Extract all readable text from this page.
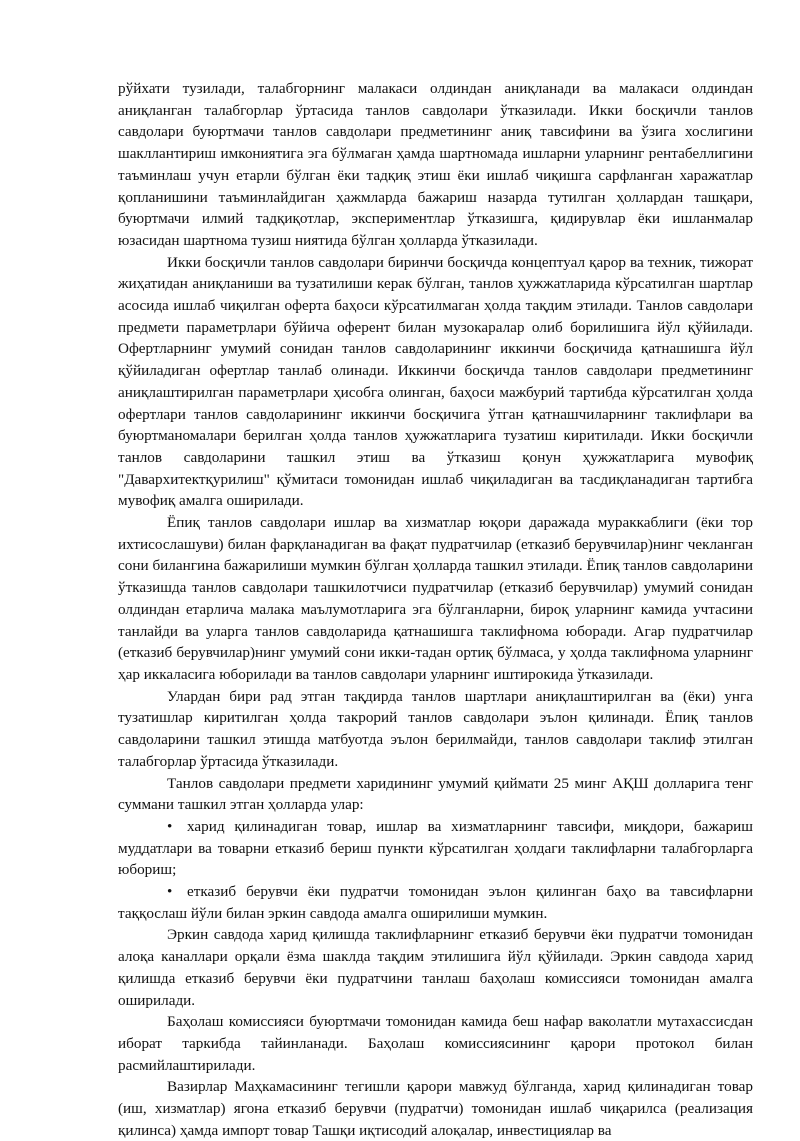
рўйхати тузилади, талабгорнинг малакаси олдиндан аниқланади ва малакаси олдиндан аниқланган талабгорлар ўртасида танлов савдолари ўтказилади. Икки босқичли танлов савдолари буюртмачи танлов савдолари предметининг аниқ тавсифини ва ўзига хослигини шакллантириш имкониятига эга бўлмаган ҳамда шартномада ишларни уларнинг рентабеллигини таъминлаш учун етарли бўлган ёки тадқиқ этиш ёки ишлаб чиқишга сарфланган харажатлар қопланишини таъминлайдиган ҳажмларда бажариш назарда тутилган ҳоллардан ташқари, буюртмачи илмий тадқиқотлар, экспериментлар ўтказишга, қидирувлар ёки ишланмалар юзасидан шартнома тузиш ниятида бўлган ҳолларда ўтказилади.

Икки босқичли танлов савдолари биринчи босқичда концептуал қарор ва техник, тижорат жиҳатидан аниқланиши ва тузатилиши керак бўлган, танлов ҳужжатларида кўрсатилган шартлар асосида ишлаб чиқилган оферта баҳоси кўрсатилмаган ҳолда тақдим этилади. Танлов савдолари предмети параметрлари бўйича оферент билан музокаралар олиб борилишига йўл қўйилади. Офертларнинг умумий сонидан танлов савдоларининг иккинчи босқичида қатнашишга йўл қўйиладиган офертлар танлаб олинади. Иккинчи босқичда танлов савдолари предметининг аниқлаштирилган параметрлари ҳисобга олинган, баҳоси мажбурий тартибда кўрсатилган ҳолда офертлари танлов савдоларининг иккинчи босқичига ўтган қатнашчиларнинг таклифлари ва буюртманомалари берилган ҳолда танлов ҳужжатларига тузатиш киритилади. Икки босқичли танлов савдоларини ташкил этиш ва ўтказиш қонун ҳужжатларига мувофиқ "Давархитектқурилиш" қўмитаси томонидан ишлаб чиқиладиган ва тасдиқланадиган тартибга мувофиқ амалга оширилади.

Ёпиқ танлов савдолари ишлар ва хизматлар юқори даражада мураккаблиги (ёки тор ихтисослашуви) билан фарқланадиган ва фақат пудратчилар (етказиб берувчилар)нинг чекланган сони билангина бажарилиши мумкин бўлган ҳолларда ташкил этилади. Ёпиқ танлов савдоларини ўтказишда танлов савдолари ташкилотчиси пудратчилар (етказиб берувчилар) умумий сонидан олдиндан етарлича малака маълумотларига эга бўлганларни, бироқ уларнинг камида учтасини танлайди ва уларга танлов савдоларида қатнашишга таклифнома юборади. Агар пудратчилар (етказиб берувчилар)нинг умумий сони икки-тадан ортиқ бўлмаса, у ҳолда таклифнома уларнинг ҳар иккаласига юборилади ва танлов савдолари уларнинг иштирокида ўтказилади.

Улардан бири рад этган тақдирда танлов шартлари аниқлаштирилган ва (ёки) унга тузатишлар киритилган ҳолда такрорий танлов савдолари эълон қилинади. Ёпиқ танлов савдоларини ташкил этишда матбуотда эълон берилмайди, танлов савдолари таклиф этилган талабгорлар ўртасида ўтказилади.

Танлов савдолари предмети харидининг умумий қиймати 25 минг АҚШ долларига тенг суммани ташкил этган ҳолларда улар:

• харид қилинадиган товар, ишлар ва хизматларнинг тавсифи, миқдори, бажариш муддатлари ва товарни етказиб бериш пункти кўрсатилган ҳолдаги таклифларни талабгорларга юбориш;

• етказиб берувчи ёки пудратчи томонидан эълон қилинган баҳо ва тавсифларни таққослаш йўли билан эркин савдода амалга оширилиши мумкин.

Эркин савдода харид қилишда таклифларнинг етказиб берувчи ёки пудратчи томонидан алоқа каналлари орқали ёзма шаклда тақдим этилишига йўл қўйилади. Эркин савдода харид қилишда етказиб берувчи ёки пудратчини танлаш баҳолаш комиссияси томонидан амалга оширилади.

Баҳолаш комиссияси буюртмачи томонидан камида беш нафар ваколатли мутахассисдан иборат таркибда тайинланади. Баҳолаш комиссиясининг қарори протокол билан расмийлаштирилади.

Вазирлар Маҳкамасининг тегишли қарори мавжуд бўлганда, харид қилинадиган товар (иш, хизматлар) ягона етказиб берувчи (пудратчи) томонидан ишлаб чиқарилса (реализация қилинса) ҳамда импорт товар Ташқи иқтисодий алоқалар, инвестициялар ва
